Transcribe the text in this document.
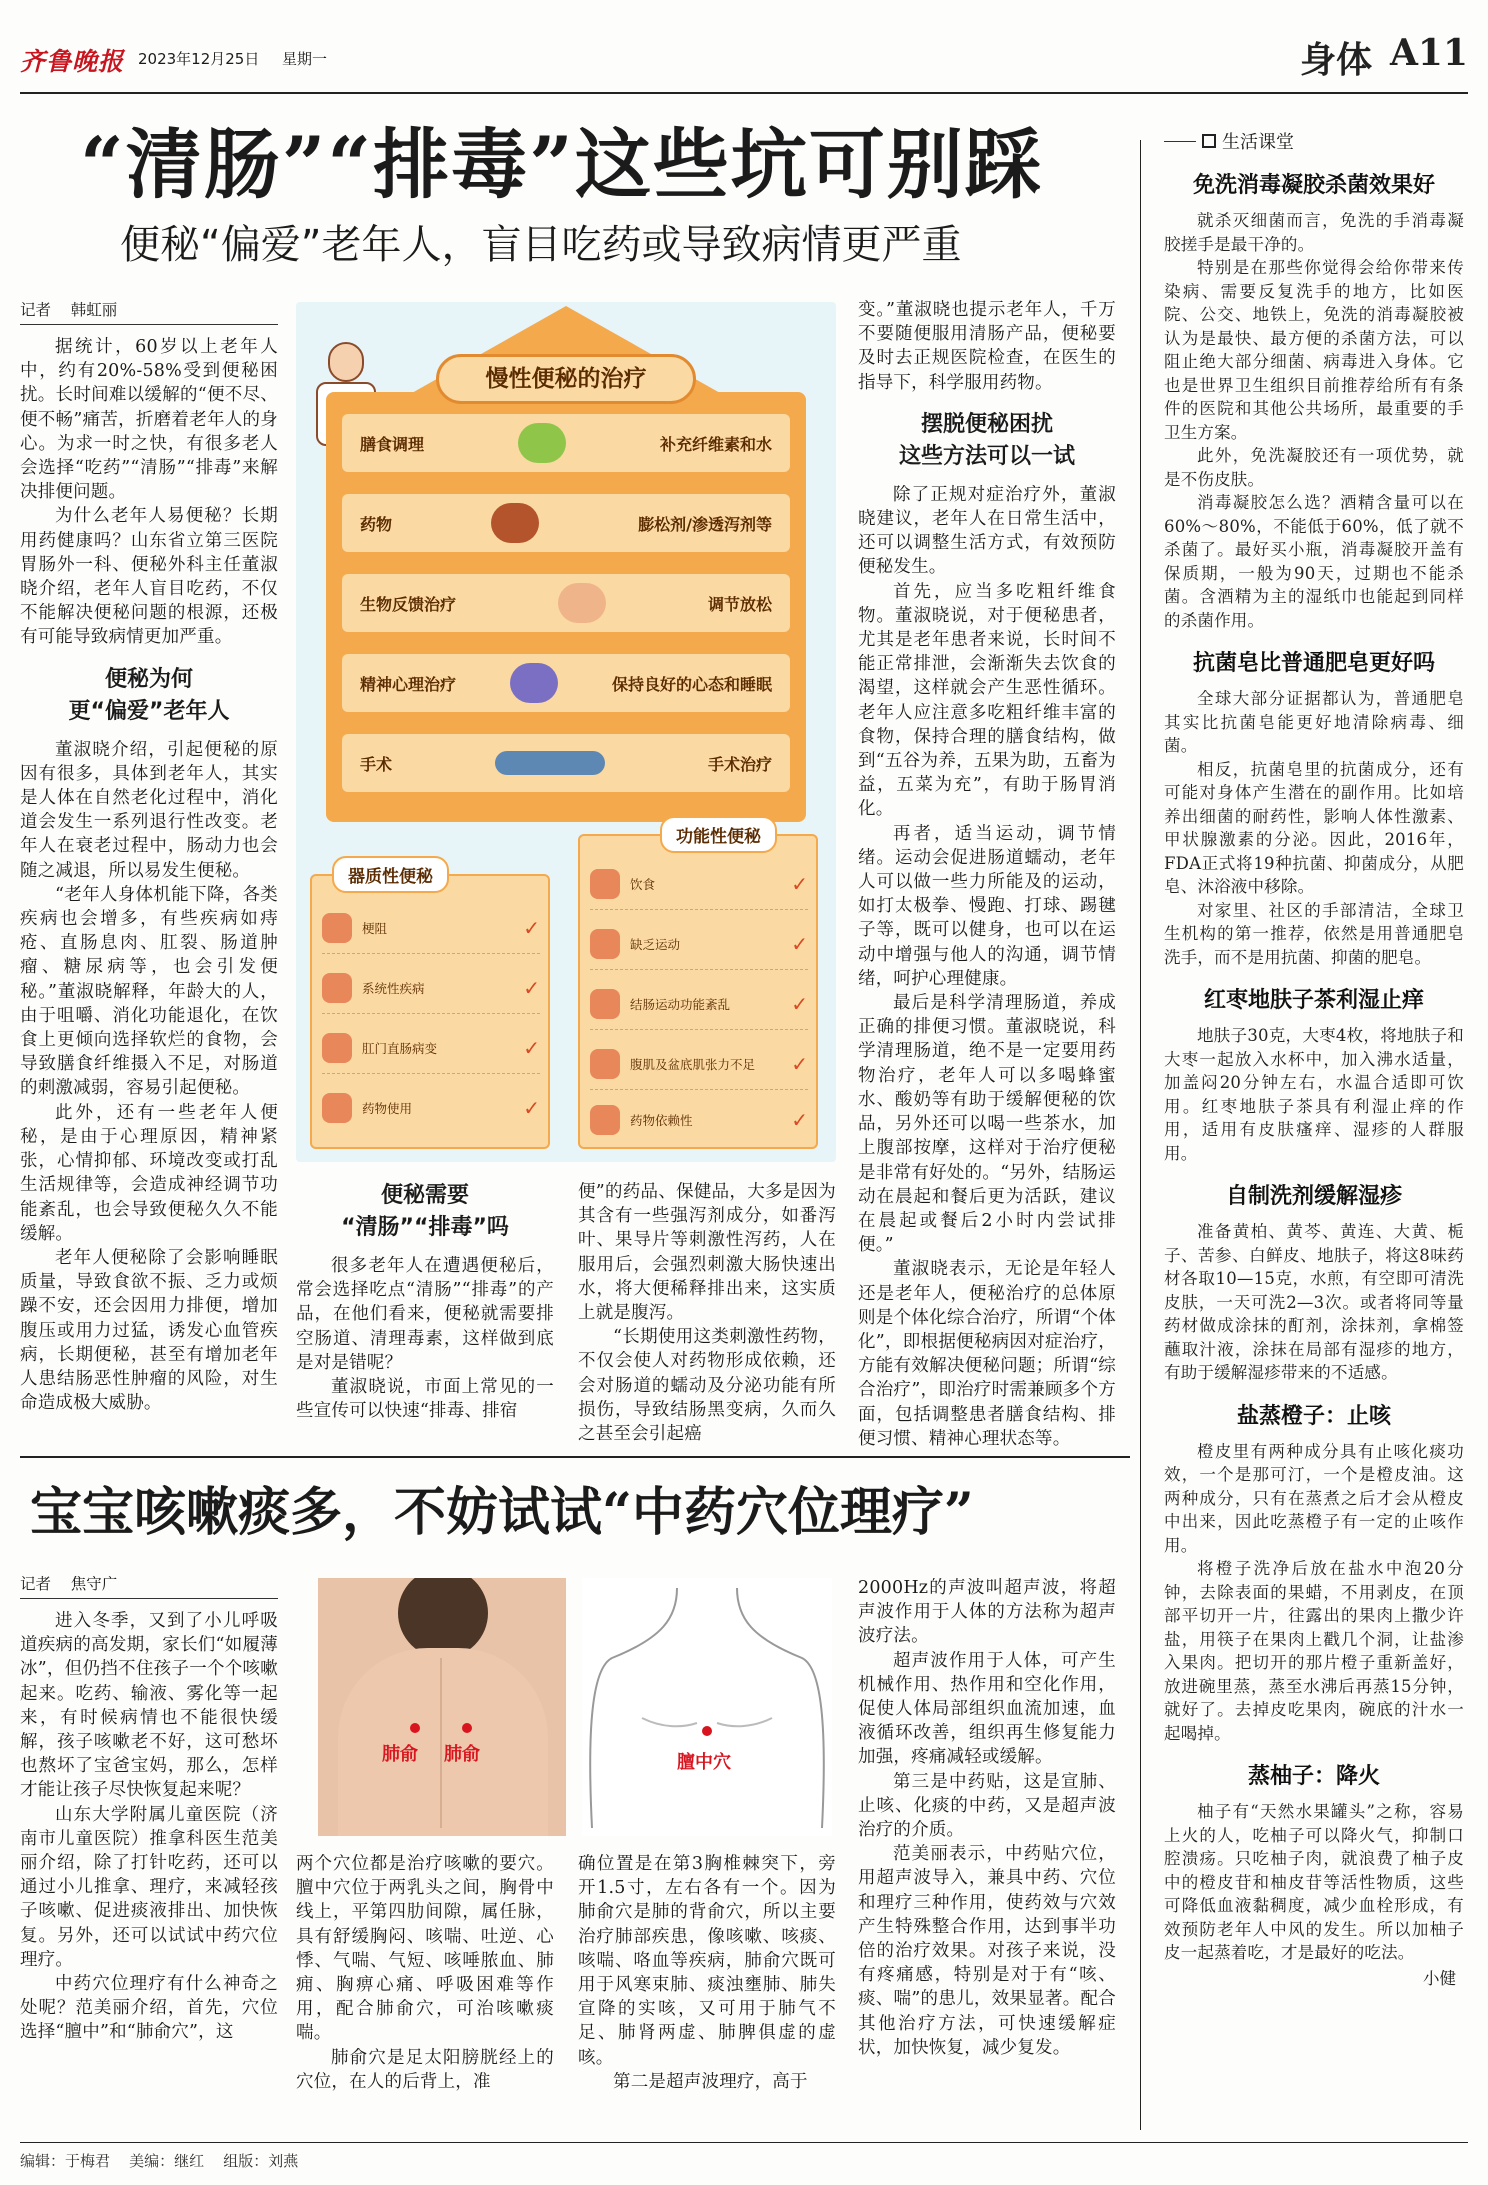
齐鲁晚报 2023年12月25日 星期一	身体 A11
“清肠”“排毒”这些坑可别踩
便秘“偏爱”老年人，盲目吃药或导致病情更严重
记者 韩虹丽

据统计，60岁以上老年人中，约有20%-58%受到便秘困扰。长时间难以缓解的“便不尽、便不畅”痛苦，折磨着老年人的身心。为求一时之快，有很多老人会选择“吃药”“清肠”“排毒”来解决排便问题。

为什么老年人易便秘？长期用药健康吗？山东省立第三医院胃肠外一科、便秘外科主任董淑晓介绍，老年人盲目吃药，不仅不能解决便秘问题的根源，还极有可能导致病情更加严重。

便秘为何
更“偏爱”老年人

董淑晓介绍，引起便秘的原因有很多，具体到老年人，其实是人体在自然老化过程中，消化道会发生一系列退行性改变。老年人在衰老过程中，肠动力也会随之减退，所以易发生便秘。

“老年人身体机能下降，各类疾病也会增多，有些疾病如痔疮、直肠息肉、肛裂、肠道肿瘤、糖尿病等，也会引发便秘。”董淑晓解释，年龄大的人，由于咀嚼、消化功能退化，在饮食上更倾向选择软烂的食物，会导致膳食纤维摄入不足，对肠道的刺激减弱，容易引起便秘。

此外，还有一些老年人便秘，是由于心理原因，精神紧张，心情抑郁、环境改变或打乱生活规律等，会造成神经调节功能紊乱，也会导致便秘久久不能缓解。

老年人便秘除了会影响睡眠质量，导致食欲不振、乏力或烦躁不安，还会因用力排便，增加腹压或用力过猛，诱发心血管疾病，长期便秘，甚至有增加老年人患结肠恶性肿瘤的风险，对生命造成极大威胁。

慢性便秘的治疗
膳食调理	补充纤维素和水
药物	膨松剂/渗透泻剂等
生物反馈治疗	调节放松
精神心理治疗	保持良好的心态和睡眠
手术	手术治疗
器质性便秘
梗阻	✓
系统性疾病	✓
肛门直肠病变	✓
药物使用	✓
功能性便秘
饮食	✓
缺乏运动	✓
结肠运动功能紊乱	✓
腹肌及盆底肌张力不足 ✓
药物依赖性	✓
便秘需要
“清肠”“排毒”吗

很多老年人在遭遇便秘后，常会选择吃点“清肠”“排毒”的产品，在他们看来，便秘就需要排空肠道、清理毒素，这样做到底是对是错呢？

董淑晓说，市面上常见的一些宣传可以快速“排毒、排宿

便”的药品、保健品，大多是因为其含有一些强泻剂成分，如番泻叶、果导片等刺激性泻药，人在服用后，会强烈刺激大肠快速出水，将大便稀释排出来，这实质上就是腹泻。

“长期使用这类刺激性药物，不仅会使人对药物形成依赖，还会对肠道的蠕动及分泌功能有所损伤，导致结肠黑变病，久而久之甚至会引起癌

变。”董淑晓也提示老年人，千万不要随便服用清肠产品，便秘要及时去正规医院检查，在医生的指导下，科学服用药物。

摆脱便秘困扰
这些方法可以一试

除了正规对症治疗外，董淑晓建议，老年人在日常生活中，还可以调整生活方式，有效预防便秘发生。

首先，应当多吃粗纤维食物。董淑晓说，对于便秘患者，尤其是老年患者来说，长时间不能正常排泄，会渐渐失去饮食的渴望，这样就会产生恶性循环。老年人应注意多吃粗纤维丰富的食物，保持合理的膳食结构，做到“五谷为养，五果为助，五畜为益，五菜为充”，有助于肠胃消化。

再者，适当运动，调节情绪。运动会促进肠道蠕动，老年人可以做一些力所能及的运动，如打太极拳、慢跑、打球、踢毽子等，既可以健身，也可以在运动中增强与他人的沟通，调节情绪，呵护心理健康。

最后是科学清理肠道，养成正确的排便习惯。董淑晓说，科学清理肠道，绝不是一定要用药物治疗，老年人可以多喝蜂蜜水、酸奶等有助于缓解便秘的饮品，另外还可以喝一些茶水，加上腹部按摩，这样对于治疗便秘是非常有好处的。“另外，结肠运动在晨起和餐后更为活跃，建议在晨起或餐后2小时内尝试排便。”

董淑晓表示，无论是年轻人还是老年人，便秘治疗的总体原则是个体化综合治疗，所谓“个体化”，即根据便秘病因对症治疗，方能有效解决便秘问题；所谓“综合治疗”，即治疗时需兼顾多个方面，包括调整患者膳食结构、排便习惯、精神心理状态等。

宝宝咳嗽痰多，不妨试试“中药穴位理疗”
记者 焦守广

进入冬季，又到了小儿呼吸道疾病的高发期，家长们“如履薄冰”，但仍挡不住孩子一个个咳嗽起来。吃药、输液、雾化等一起来，有时候病情也不能很快缓解，孩子咳嗽老不好，这可愁坏也熬坏了宝爸宝妈，那么，怎样才能让孩子尽快恢复起来呢？

山东大学附属儿童医院（济南市儿童医院）推拿科医生范美丽介绍，除了打针吃药，还可以通过小儿推拿、理疗，来减轻孩子咳嗽、促进痰液排出、加快恢复。另外，还可以试试中药穴位理疗。

中药穴位理疗有什么神奇之处呢？范美丽介绍，首先，穴位选择“膻中”和“肺俞穴”，这

肺俞 肺俞	膻中穴

两个穴位都是治疗咳嗽的要穴。膻中穴位于两乳头之间，胸骨中线上，平第四肋间隙，属任脉，具有舒缓胸闷、咳喘、吐逆、心悸、气喘、气短、咳唾脓血、肺痈、胸痹心痛、呼吸困难等作用，配合肺俞穴，可治咳嗽痰喘。

肺俞穴是足太阳膀胱经上的穴位，在人的后背上，准

确位置是在第3胸椎棘突下，旁开1.5寸，左右各有一个。因为肺俞穴是肺的背俞穴，所以主要治疗肺部疾患，像咳嗽、咳痰、咳喘、咯血等疾病，肺俞穴既可用于风寒束肺、痰浊壅肺、肺失宣降的实咳，又可用于肺气不足、肺肾两虚、肺脾俱虚的虚咳。

第二是超声波理疗，高于

2000Hz的声波叫超声波，将超声波作用于人体的方法称为超声波疗法。

超声波作用于人体，可产生机械作用、热作用和空化作用，促使人体局部组织血流加速，血液循环改善，组织再生修复能力加强，疼痛减轻或缓解。

第三是中药贴，这是宣肺、止咳、化痰的中药，又是超声波治疗的介质。

范美丽表示，中药贴穴位，用超声波导入，兼具中药、穴位和理疗三种作用，使药效与穴效产生特殊整合作用，达到事半功倍的治疗效果。对孩子来说，没有疼痛感，特别是对于有“咳、痰、喘”的患儿，效果显著。配合其他治疗方法，可快速缓解症状，加快恢复，减少复发。

生活课堂
免洗消毒凝胶杀菌效果好

就杀灭细菌而言，免洗的手消毒凝胶搓手是最干净的。

特别是在那些你觉得会给你带来传染病、需要反复洗手的地方，比如医院、公交、地铁上，免洗的消毒凝胶被认为是最快、最方便的杀菌方法，可以阻止绝大部分细菌、病毒进入身体。它也是世界卫生组织目前推荐给所有有条件的医院和其他公共场所，最重要的手卫生方案。

此外，免洗凝胶还有一项优势，就是不伤皮肤。

消毒凝胶怎么选？酒精含量可以在60%～80%，不能低于60%，低了就不杀菌了。最好买小瓶，消毒凝胶开盖有保质期，一般为90天，过期也不能杀菌。含酒精为主的湿纸巾也能起到同样的杀菌作用。

抗菌皂比普通肥皂更好吗

全球大部分证据都认为，普通肥皂其实比抗菌皂能更好地清除病毒、细菌。

相反，抗菌皂里的抗菌成分，还有可能对身体产生潜在的副作用。比如培养出细菌的耐药性，影响人体性激素、甲状腺激素的分泌。因此，2016年，FDA正式将19种抗菌、抑菌成分，从肥皂、沐浴液中移除。

对家里、社区的手部清洁，全球卫生机构的第一推荐，依然是用普通肥皂洗手，而不是用抗菌、抑菌的肥皂。

红枣地肤子茶利湿止痒

地肤子30克，大枣4枚，将地肤子和大枣一起放入水杯中，加入沸水适量，加盖闷20分钟左右，水温合适即可饮用。红枣地肤子茶具有利湿止痒的作用，适用有皮肤瘙痒、湿疹的人群服用。

自制洗剂缓解湿疹

准备黄柏、黄芩、黄连、大黄、栀子、苦参、白鲜皮、地肤子，将这8味药材各取10—15克，水煎，有空即可清洗皮肤，一天可洗2—3次。或者将同等量药材做成涂抹的酊剂，涂抹剂，拿棉签蘸取汁液，涂抹在局部有湿疹的地方，有助于缓解湿疹带来的不适感。

盐蒸橙子：止咳

橙皮里有两种成分具有止咳化痰功效，一个是那可汀，一个是橙皮油。这两种成分，只有在蒸煮之后才会从橙皮中出来，因此吃蒸橙子有一定的止咳作用。

将橙子洗净后放在盐水中泡20分钟，去除表面的果蜡，不用剥皮，在顶部平切开一片，往露出的果肉上撒少许盐，用筷子在果肉上戳几个洞，让盐渗入果肉。把切开的那片橙子重新盖好，放进碗里蒸，蒸至水沸后再蒸15分钟，就好了。去掉皮吃果肉，碗底的汁水一起喝掉。

蒸柚子：降火

柚子有“天然水果罐头”之称，容易上火的人，吃柚子可以降火气，抑制口腔溃疡。只吃柚子肉，就浪费了柚子皮中的橙皮苷和柚皮苷等活性物质，这些可降低血液黏稠度，减少血栓形成，有效预防老年人中风的发生。所以加柚子皮一起蒸着吃，才是最好的吃法。

小健
编辑：于梅君 美编：继红 组版：刘燕
